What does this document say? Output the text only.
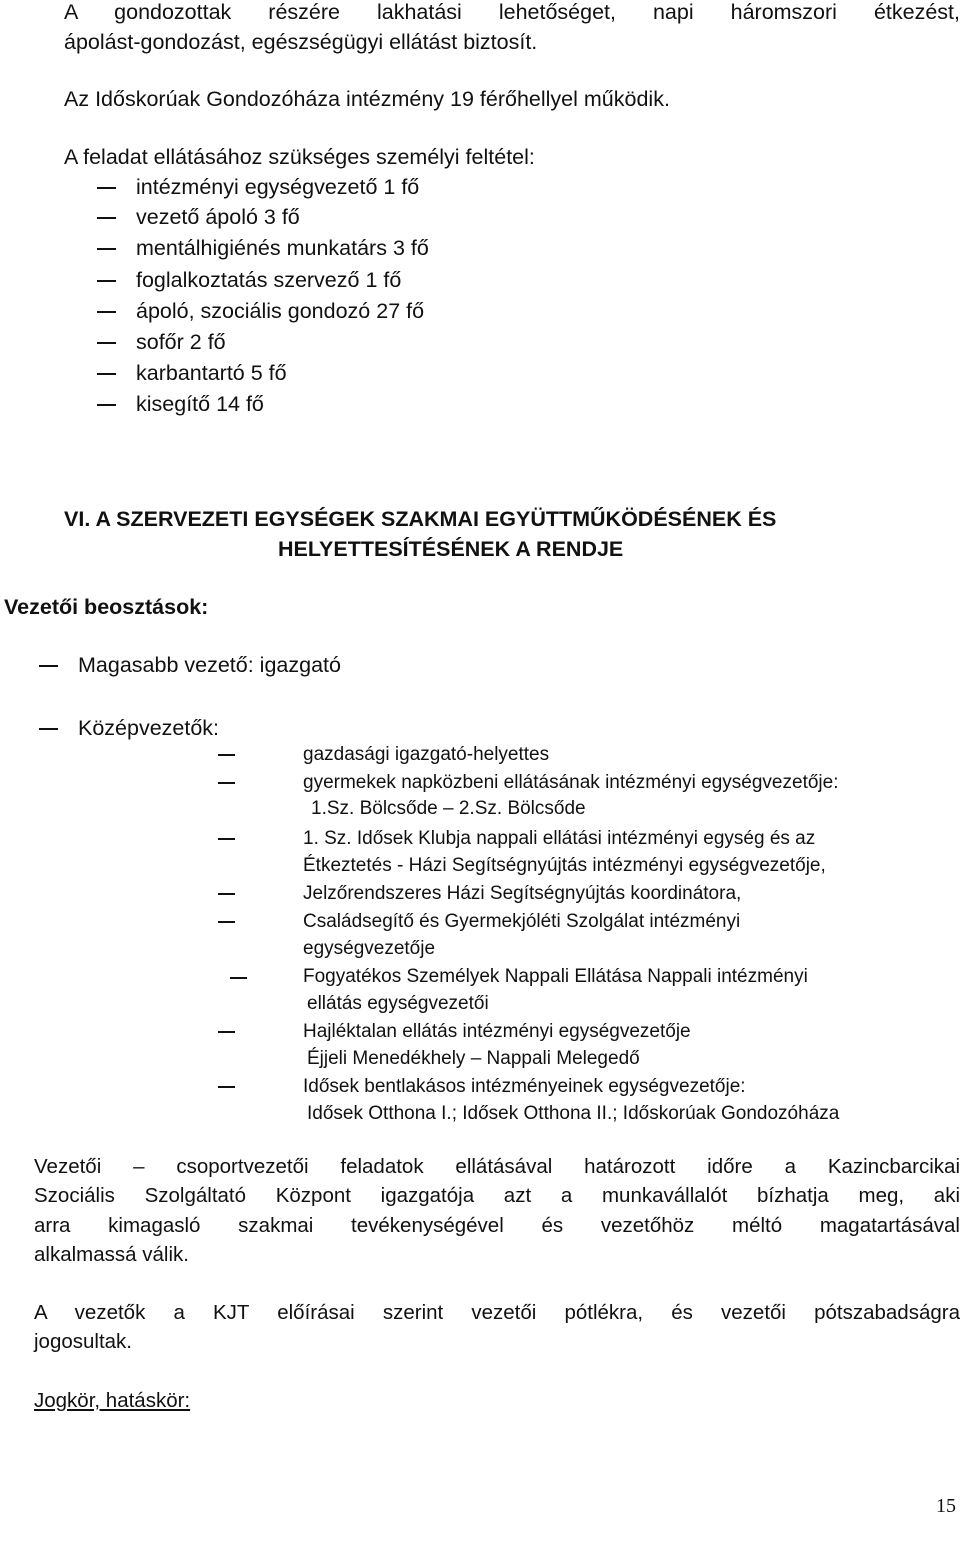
A gondozottak részére lakhatási lehetőséget, napi háromszori étkezést,
ápolást-gondozást, egészségügyi ellátást biztosít.
Az Időskorúak Gondozóháza intézmény 19 férőhellyel működik.
A feladat ellátásához szükséges személyi feltétel:
intézményi egységvezető 1 fő
vezető ápoló 3 fő
mentálhigiénés munkatárs 3 fő
foglalkoztatás szervező 1 fő
ápoló, szociális gondozó 27 fő
sofőr 2 fő
karbantartó 5 fő
kisegítő 14 fő
VI. A SZERVEZETI EGYSÉGEK SZAKMAI EGYÜTTMŰKÖDÉSÉNEK ÉS
HELYETTESÍTÉSÉNEK A RENDJE
Vezetői beosztások:
Magasabb vezető: igazgató
Középvezetők:
gazdasági igazgató-helyettes
gyermekek napközbeni ellátásának intézményi egységvezetője:
1.Sz. Bölcsőde – 2.Sz. Bölcsőde
1. Sz. Idősek Klubja nappali ellátási intézményi egység és az
Étkeztetés - Házi Segítségnyújtás intézményi egységvezetője,
Jelzőrendszeres Házi Segítségnyújtás koordinátora,
Családsegítő és Gyermekjóléti Szolgálat intézményi
egységvezetője
Fogyatékos Személyek Nappali Ellátása Nappali intézményi
ellátás egységvezetői
Hajléktalan ellátás intézményi egységvezetője
Éjjeli Menedékhely – Nappali Melegedő
Idősek bentlakásos intézményeinek egységvezetője:
Idősek Otthona I.; Idősek Otthona II.; Időskorúak Gondozóháza
Vezetői – csoportvezetői feladatok ellátásával határozott időre a Kazincbarcikai
Szociális Szolgáltató Központ igazgatója azt a munkavállalót bízhatja meg, aki
arra kimagasló szakmai tevékenységével és vezetőhöz méltó magatartásával
alkalmassá válik.
A vezetők a KJT előírásai szerint vezetői pótlékra, és vezetői pótszabadságra
jogosultak.
Jogkör, hatáskör:
15
